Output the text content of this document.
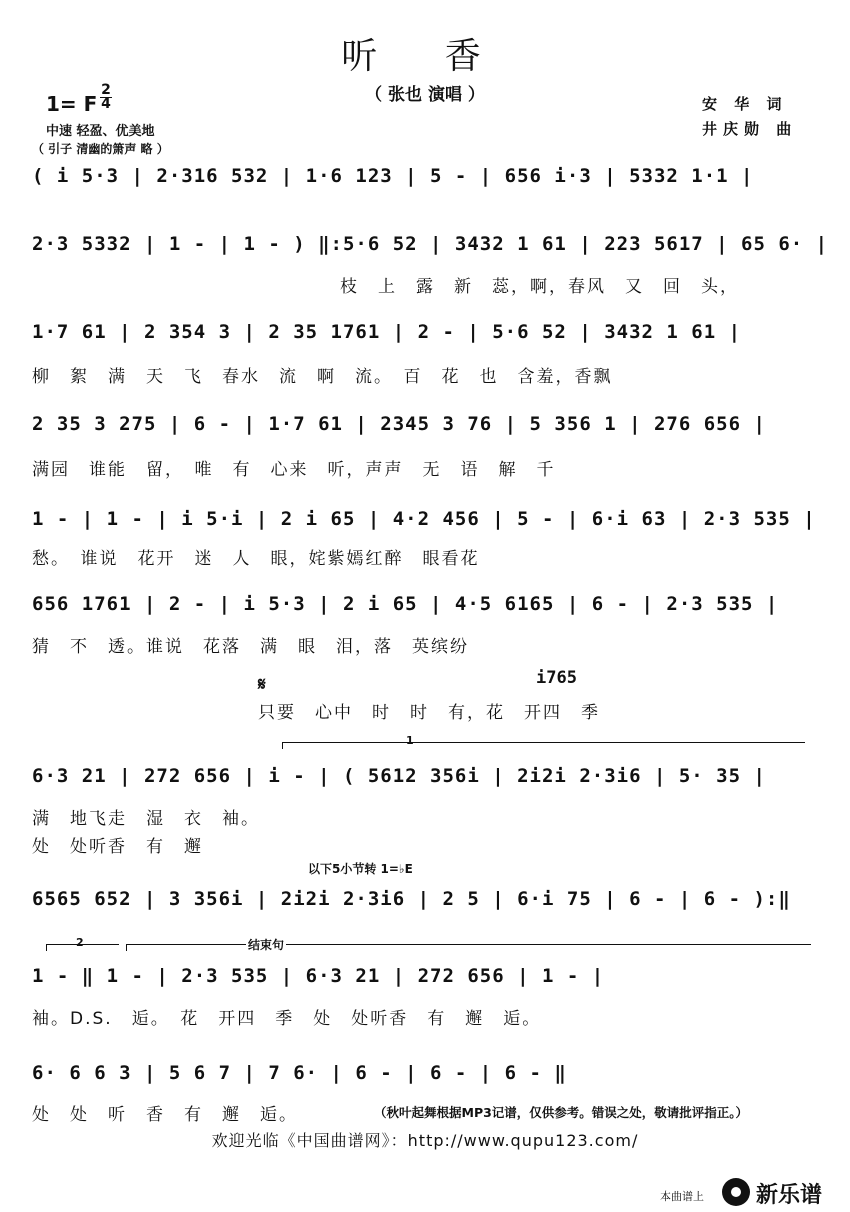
听 香
（ 张也 演唱 ）
1= F
2
4
中速 轻盈、优美地
（ 引子 清幽的箫声 略 ）
安 华 词
井庆勋 曲
( i 5·3 | 2·316 532 | 1·6 123 | 5 - | 656 i·3 | 5332 1·1 |
2·3 5332 | 1 - | 1 - ) ‖:5·6 52 | 3432 1 61 | 223 5617 | 65 6· |
枝　上　露　新　蕊，啊，春风　又　回　头，
1·7 61 | 2 354 3 | 2 35 1761 | 2 - | 5·6 52 | 3432 1 61 |
柳　絮　满　天　飞　春水　流　啊　流。　百　花　也　含羞，香飘
2 35 3 275 | 6 - | 1·7 61 | 2345 3 76 | 5 356 1 | 276 656 |
满园　谁能　留，　唯　有　心来　听，声声　无　语　解　千
1 - | 1 - | i 5·i | 2 i 65 | 4·2 456 | 5 - | 6·i 63 | 2·3 535 |
愁。　谁说　花开　迷　人　眼，姹紫嫣红醉　眼看花
656 1761 | 2 - | i 5·3 | 2 i 65 | 4·5 6165 | 6 - | 2·3 535 |
猜　不　透。谁说　花落　满　眼　泪，落　英缤纷
𝄋	i765
只要　心中　时　时　有，花　开四　季
1
6·3 21 | 272 656 | i - | ( 5612 356i | 2i2i 2·3i6 | 5· 35 |
满　地飞走　湿　衣　袖。
处　处听香　有　邂
以下5小节转 1=♭E
6565 652 | 3 356i | 2i2i 2·3i6 | 2 5 | 6·i 75 | 6 - | 6 - ):‖
2	结束句
1 - ‖ 1 - | 2·3 535 | 6·3 21 | 272 656 | 1 - |
袖。D.S.　逅。　花　开四　季　处　处听香　有　邂　逅。
6· 6 6 3 | 5 6 7 | 7 6· | 6 - | 6 - | 6 - ‖
处　处　听　香　有　邂　逅。	（秋叶起舞根据MP3记谱，仅供参考。错误之处，敬请批评指正。）
欢迎光临《中国曲谱网》：http://www.qupu123.com/
本曲谱上 新乐谱
